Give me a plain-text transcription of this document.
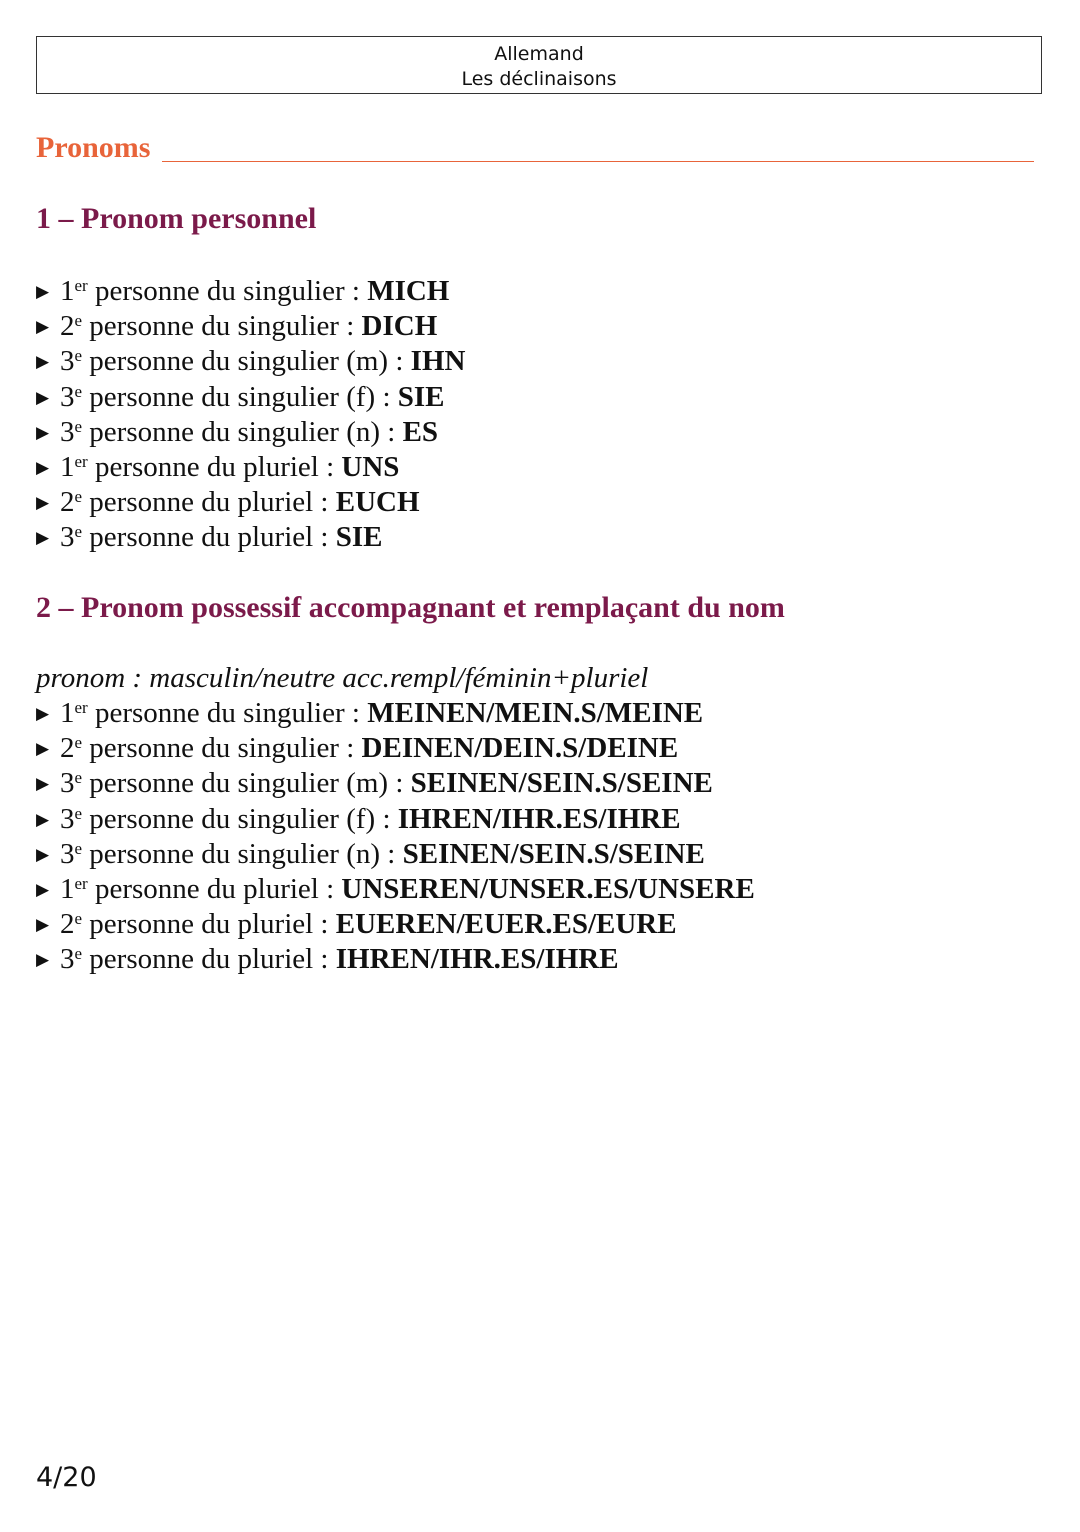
Allemand
Les déclinaisons
Pronoms
1 – Pronom personnel
▶ 1er personne du singulier : MICH
▶ 2e personne du singulier : DICH
▶ 3e personne du singulier (m) : IHN
▶ 3e personne du singulier (f) : SIE
▶ 3e personne du singulier (n) : ES
▶ 1er personne du pluriel : UNS
▶ 2e personne du pluriel : EUCH
▶ 3e personne du pluriel : SIE
2 – Pronom possessif accompagnant et remplaçant du nom
pronom : masculin/neutre acc.rempl/féminin+pluriel
▶ 1er personne du singulier : MEINEN/MEIN.S/MEINE
▶ 2e personne du singulier : DEINEN/DEIN.S/DEINE
▶ 3e personne du singulier (m) : SEINEN/SEIN.S/SEINE
▶ 3e personne du singulier (f) : IHREN/IHR.ES/IHRE
▶ 3e personne du singulier (n) : SEINEN/SEIN.S/SEINE
▶ 1er personne du pluriel : UNSEREN/UNSER.ES/UNSERE
▶ 2e personne du pluriel : EUEREN/EUER.ES/EURE
▶ 3e personne du pluriel : IHREN/IHR.ES/IHRE
4/20
